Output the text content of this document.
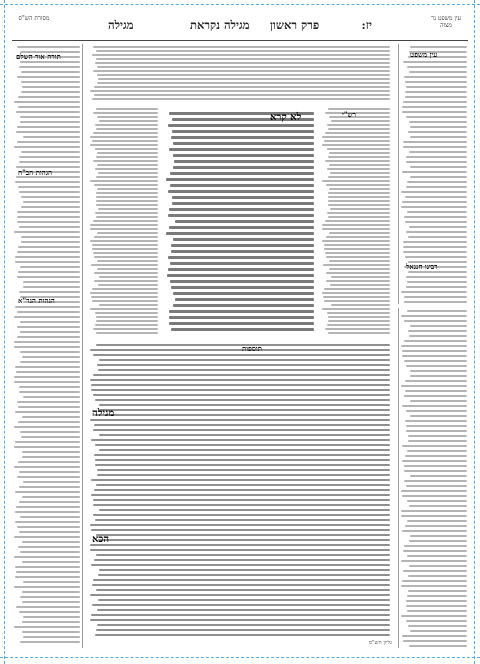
יז:
מגילה נקראת פרק ראשון
מגילה	עין משפט נר מצוה
מסורת הש"ס
תורה אור השלם
הגהות הב"ח
הגהות הגר"א
עין משפט
רבינו חננאל
תוספות
רש"י
לא קרא
מגילה
הכא
גליון הש"ס
